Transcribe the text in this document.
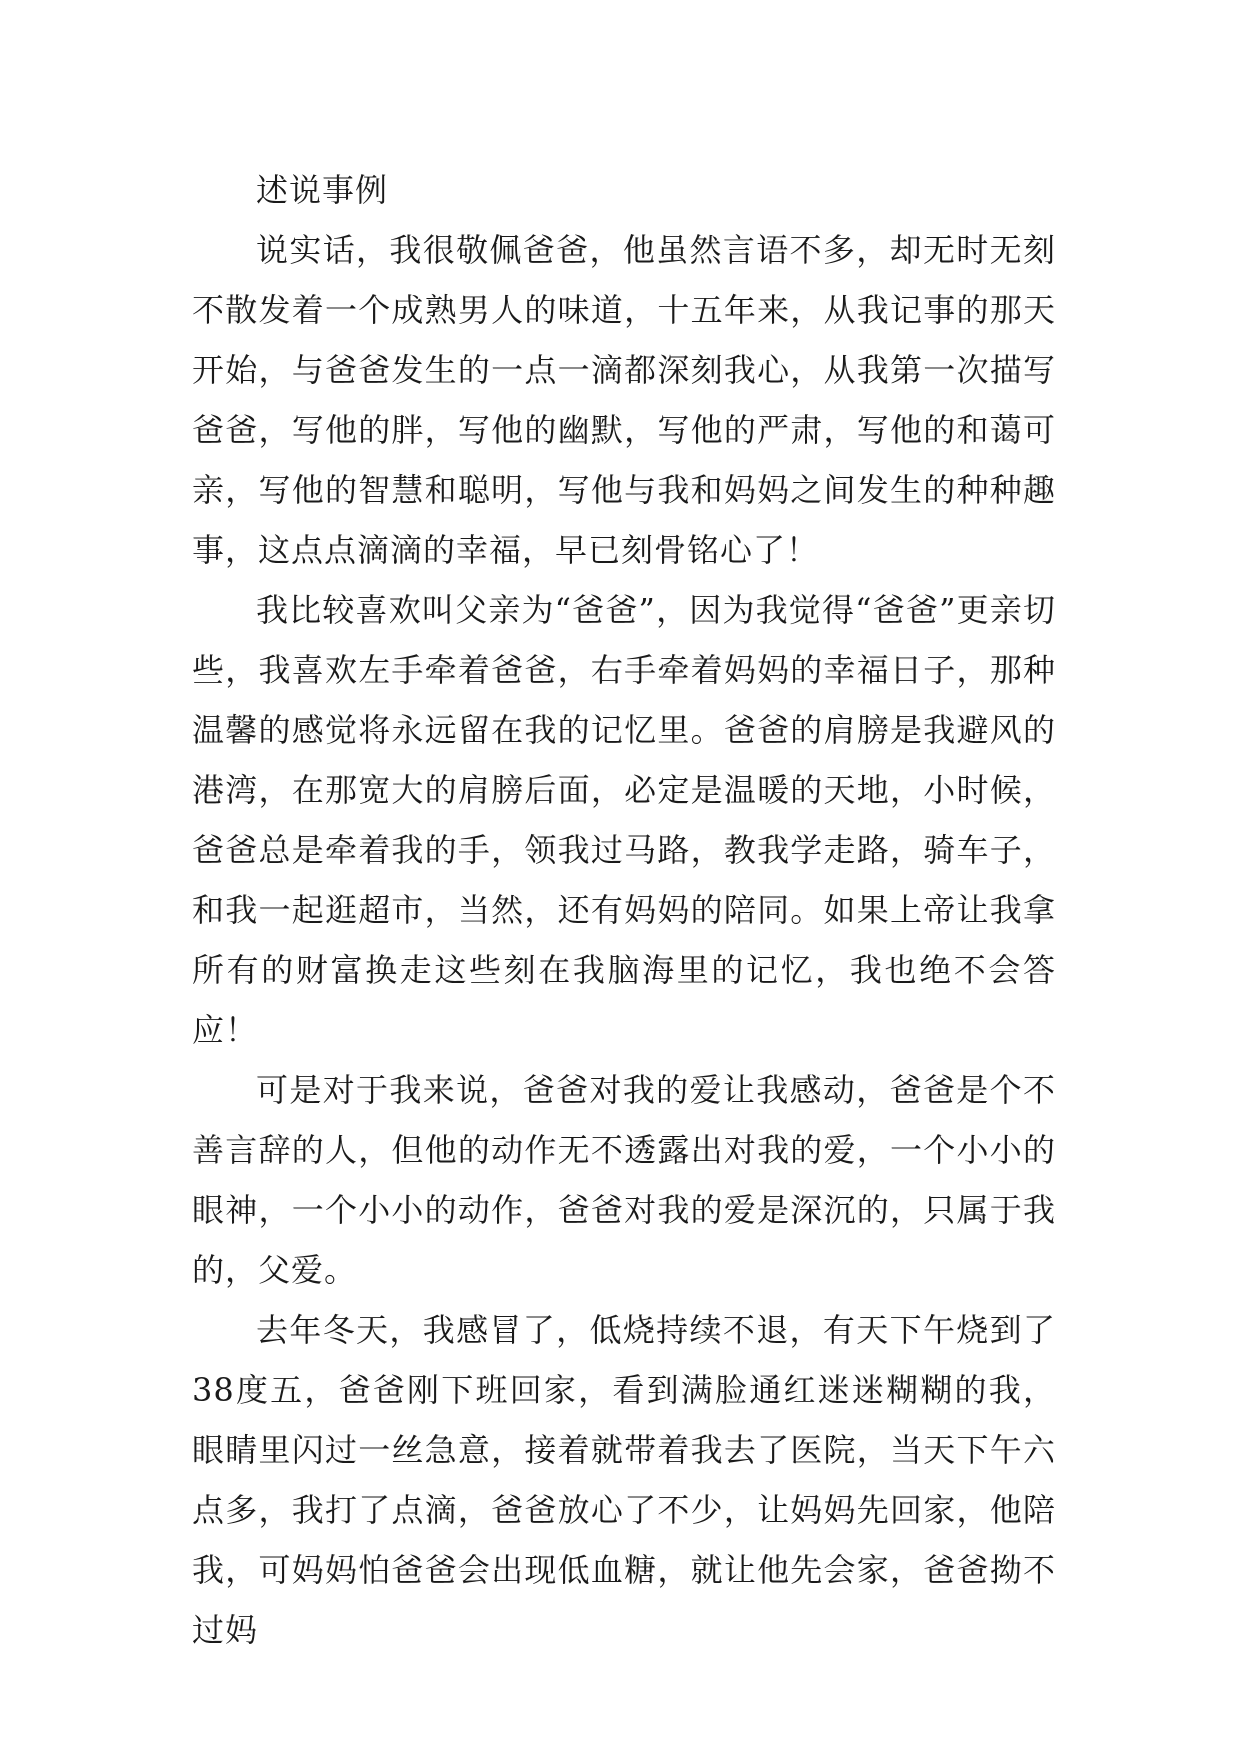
述说事例

说实话，我很敬佩爸爸，他虽然言语不多，却无时无刻不散发着一个成熟男人的味道，十五年来，从我记事的那天开始，与爸爸发生的一点一滴都深刻我心，从我第一次描写爸爸，写他的胖，写他的幽默，写他的严肃，写他的和蔼可亲，写他的智慧和聪明，写他与我和妈妈之间发生的种种趣事，这点点滴滴的幸福，早已刻骨铭心了！

我比较喜欢叫父亲为“爸爸”，因为我觉得“爸爸”更亲切些，我喜欢左手牵着爸爸，右手牵着妈妈的幸福日子，那种温馨的感觉将永远留在我的记忆里。爸爸的肩膀是我避风的港湾，在那宽大的肩膀后面，必定是温暖的天地，小时候，爸爸总是牵着我的手，领我过马路，教我学走路，骑车子，和我一起逛超市，当然，还有妈妈的陪同。如果上帝让我拿所有的财富换走这些刻在我脑海里的记忆，我也绝不会答应！

可是对于我来说，爸爸对我的爱让我感动，爸爸是个不善言辞的人，但他的动作无不透露出对我的爱，一个小小的眼神，一个小小的动作，爸爸对我的爱是深沉的，只属于我的，父爱。

去年冬天，我感冒了，低烧持续不退，有天下午烧到了38度五，爸爸刚下班回家，看到满脸通红迷迷糊糊的我，眼睛里闪过一丝急意，接着就带着我去了医院，当天下午六点多，我打了点滴，爸爸放心了不少，让妈妈先回家，他陪我，可妈妈怕爸爸会出现低血糖，就让他先会家，爸爸拗不过妈
